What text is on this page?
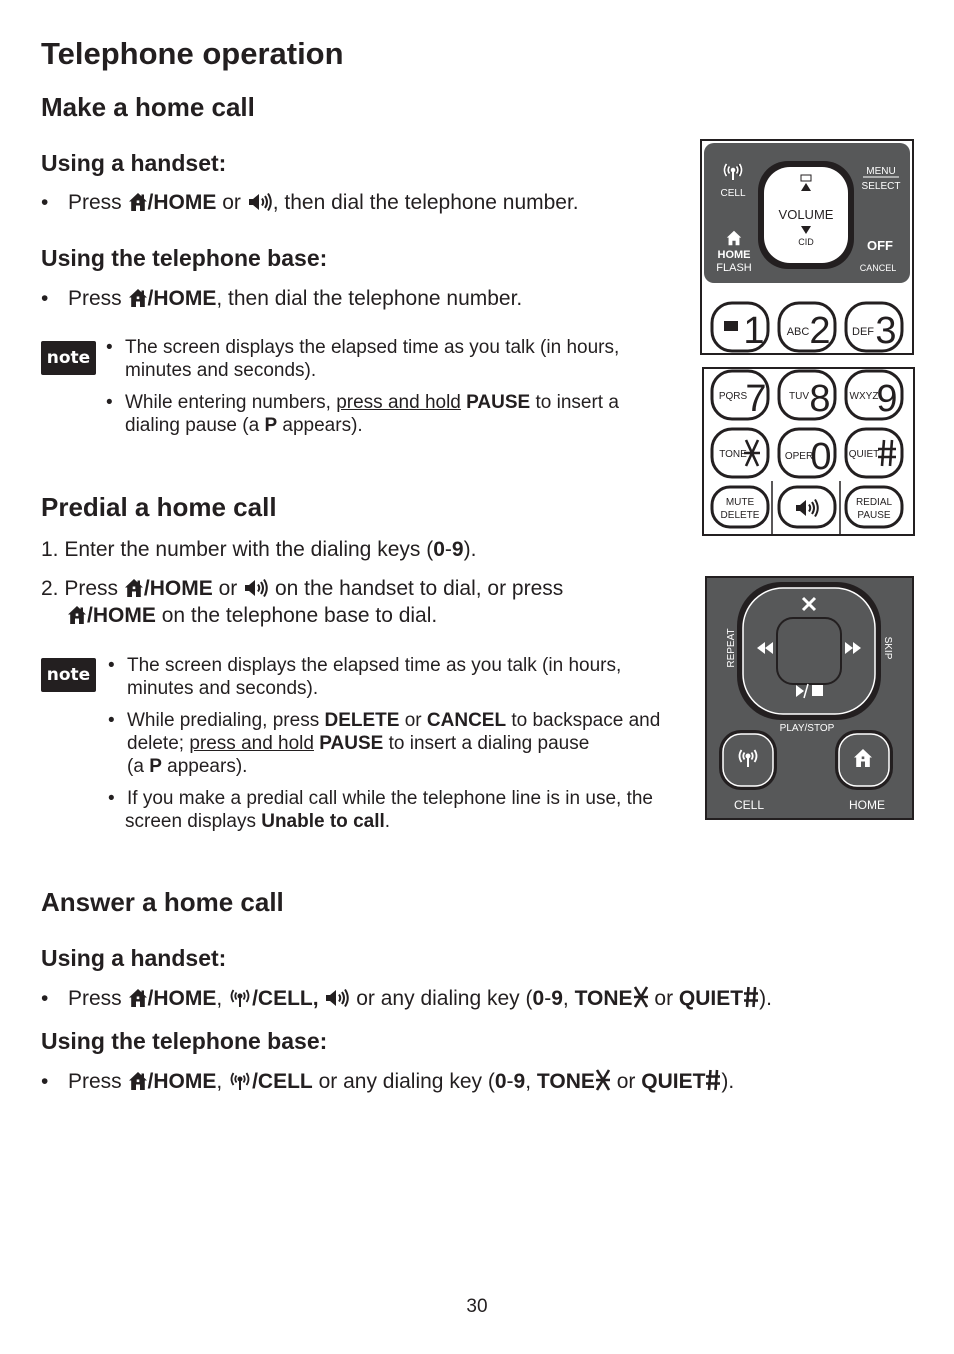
Telephone operation
Make a home call
Using a handset:
• Press /HOME or , then dial the telephone number.
Using the telephone base:
• Press /HOME, then dial the telephone number.
note • The screen displays the elapsed time as you talk (in hours,
minutes and seconds).
• While entering numbers, press and hold PAUSE to insert a
dialing pause (a P appears).
Predial a home call
1. Enter the number with the dialing keys (0-9).
2. Press /HOME or on the handset to dial, or press
/HOME on the telephone base to dial.
note • The screen displays the elapsed time as you talk (in hours,
minutes and seconds).
• While predialing, press DELETE or CANCEL to backspace and
delete; press and hold PAUSE to insert a dialing pause
(a P appears).
• If you make a predial call while the telephone line is in use, the
screen displays Unable to call.
Answer a home call
Using a handset:
• Press /HOME, /CELL, or any dialing key (0-9, TONE or QUIET ).
Using the telephone base:
• Press /HOME, /CELL or any dialing key (0-9, TONE or QUIET ).
VOLUME
CID
CELL
MENU
SELECT
HOME
FLASH
OFF
CANCEL
1 ABC 2 DEF 3
PQRS
7 TUV 8 WXYZ
9
TONE	OPER
0 QUIET
MUTE
DELETE
REDIAL
PAUSE
REPEAT	SKIP
PLAY/STOP
CELL	HOME
30
